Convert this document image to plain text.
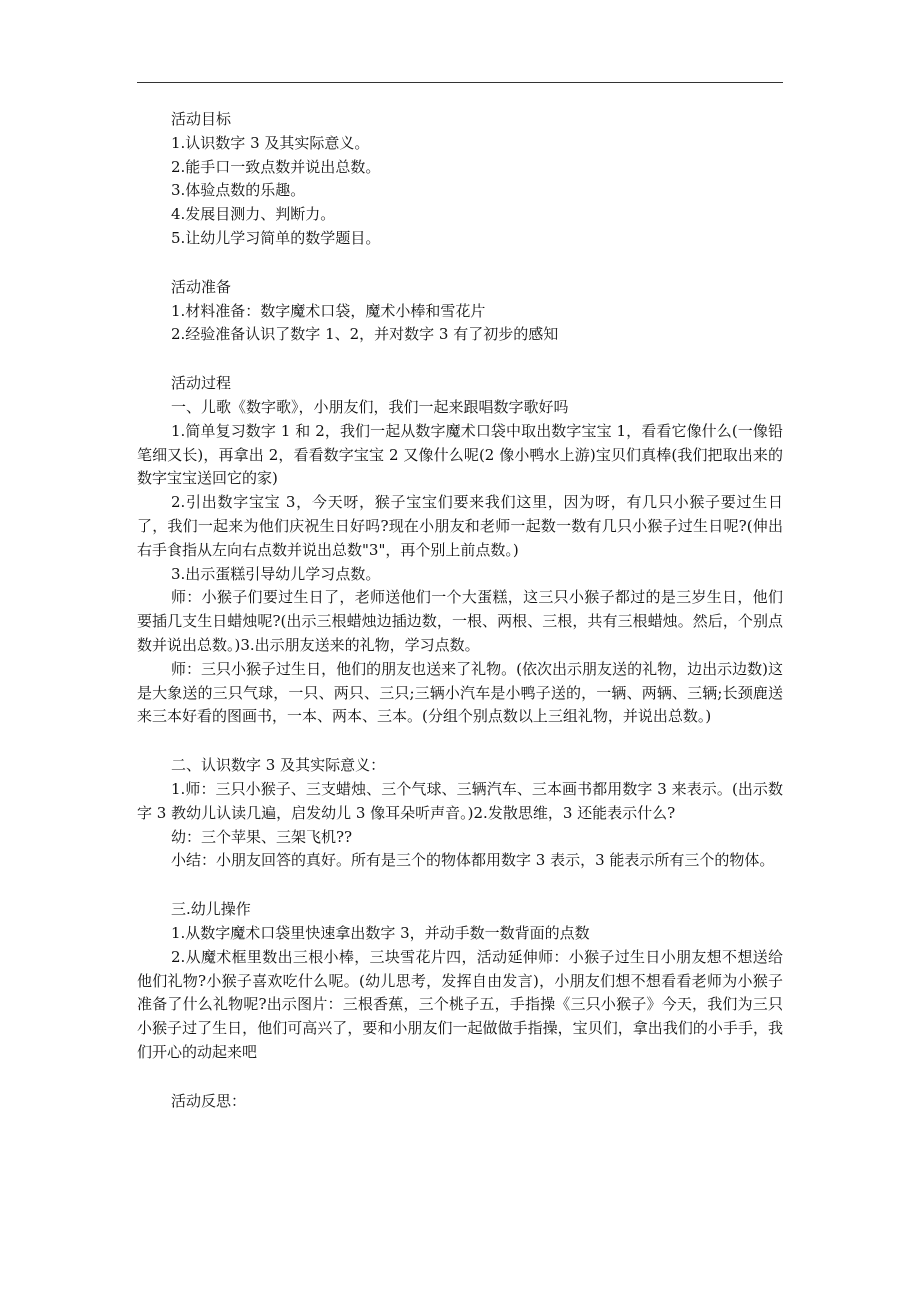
活动目标

1.认识数字 3 及其实际意义。

2.能手口一致点数并说出总数。

3.体验点数的乐趣。

4.发展目测力、判断力。

5.让幼儿学习简单的数学题目。

活动准备

1.材料准备：数字魔术口袋，魔术小棒和雪花片

2.经验准备认识了数字 1、2，并对数字 3 有了初步的感知

活动过程

一、儿歌《数字歌》，小朋友们，我们一起来跟唱数字歌好吗

1.简单复习数字 1 和 2，我们一起从数字魔术口袋中取出数字宝宝 1，看看它像什么(一像铅笔细又长)，再拿出 2，看看数字宝宝 2 又像什么呢(2 像小鸭水上游)宝贝们真棒(我们把取出来的数字宝宝送回它的家)

2.引出数字宝宝 3，今天呀，猴子宝宝们要来我们这里，因为呀，有几只小猴子要过生日了，我们一起来为他们庆祝生日好吗?现在小朋友和老师一起数一数有几只小猴子过生日呢?(伸出右手食指从左向右点数并说出总数"3"，再个别上前点数。)

3.出示蛋糕引导幼儿学习点数。

师：小猴子们要过生日了，老师送他们一个大蛋糕，这三只小猴子都过的是三岁生日，他们要插几支生日蜡烛呢?(出示三根蜡烛边插边数，一根、两根、三根，共有三根蜡烛。然后，个别点数并说出总数。)3.出示朋友送来的礼物，学习点数。

师：三只小猴子过生日，他们的朋友也送来了礼物。(依次出示朋友送的礼物，边出示边数)这是大象送的三只气球，一只、两只、三只;三辆小汽车是小鸭子送的，一辆、两辆、三辆;长颈鹿送来三本好看的图画书，一本、两本、三本。(分组个别点数以上三组礼物，并说出总数。)

二、认识数字 3 及其实际意义：

1.师：三只小猴子、三支蜡烛、三个气球、三辆汽车、三本画书都用数字 3 来表示。(出示数字 3 教幼儿认读几遍，启发幼儿 3 像耳朵听声音。)2.发散思维，3 还能表示什么?

幼：三个苹果、三架飞机??

小结：小朋友回答的真好。所有是三个的物体都用数字 3 表示，3 能表示所有三个的物体。

三.幼儿操作

1.从数字魔术口袋里快速拿出数字 3，并动手数一数背面的点数

2.从魔术框里数出三根小棒，三块雪花片四，活动延伸师：小猴子过生日小朋友想不想送给他们礼物?小猴子喜欢吃什么呢。(幼儿思考，发挥自由发言)，小朋友们想不想看看老师为小猴子准备了什么礼物呢?出示图片：三根香蕉，三个桃子五，手指操《三只小猴子》今天，我们为三只小猴子过了生日，他们可高兴了，要和小朋友们一起做做手指操，宝贝们，拿出我们的小手手，我们开心的动起来吧

活动反思：
